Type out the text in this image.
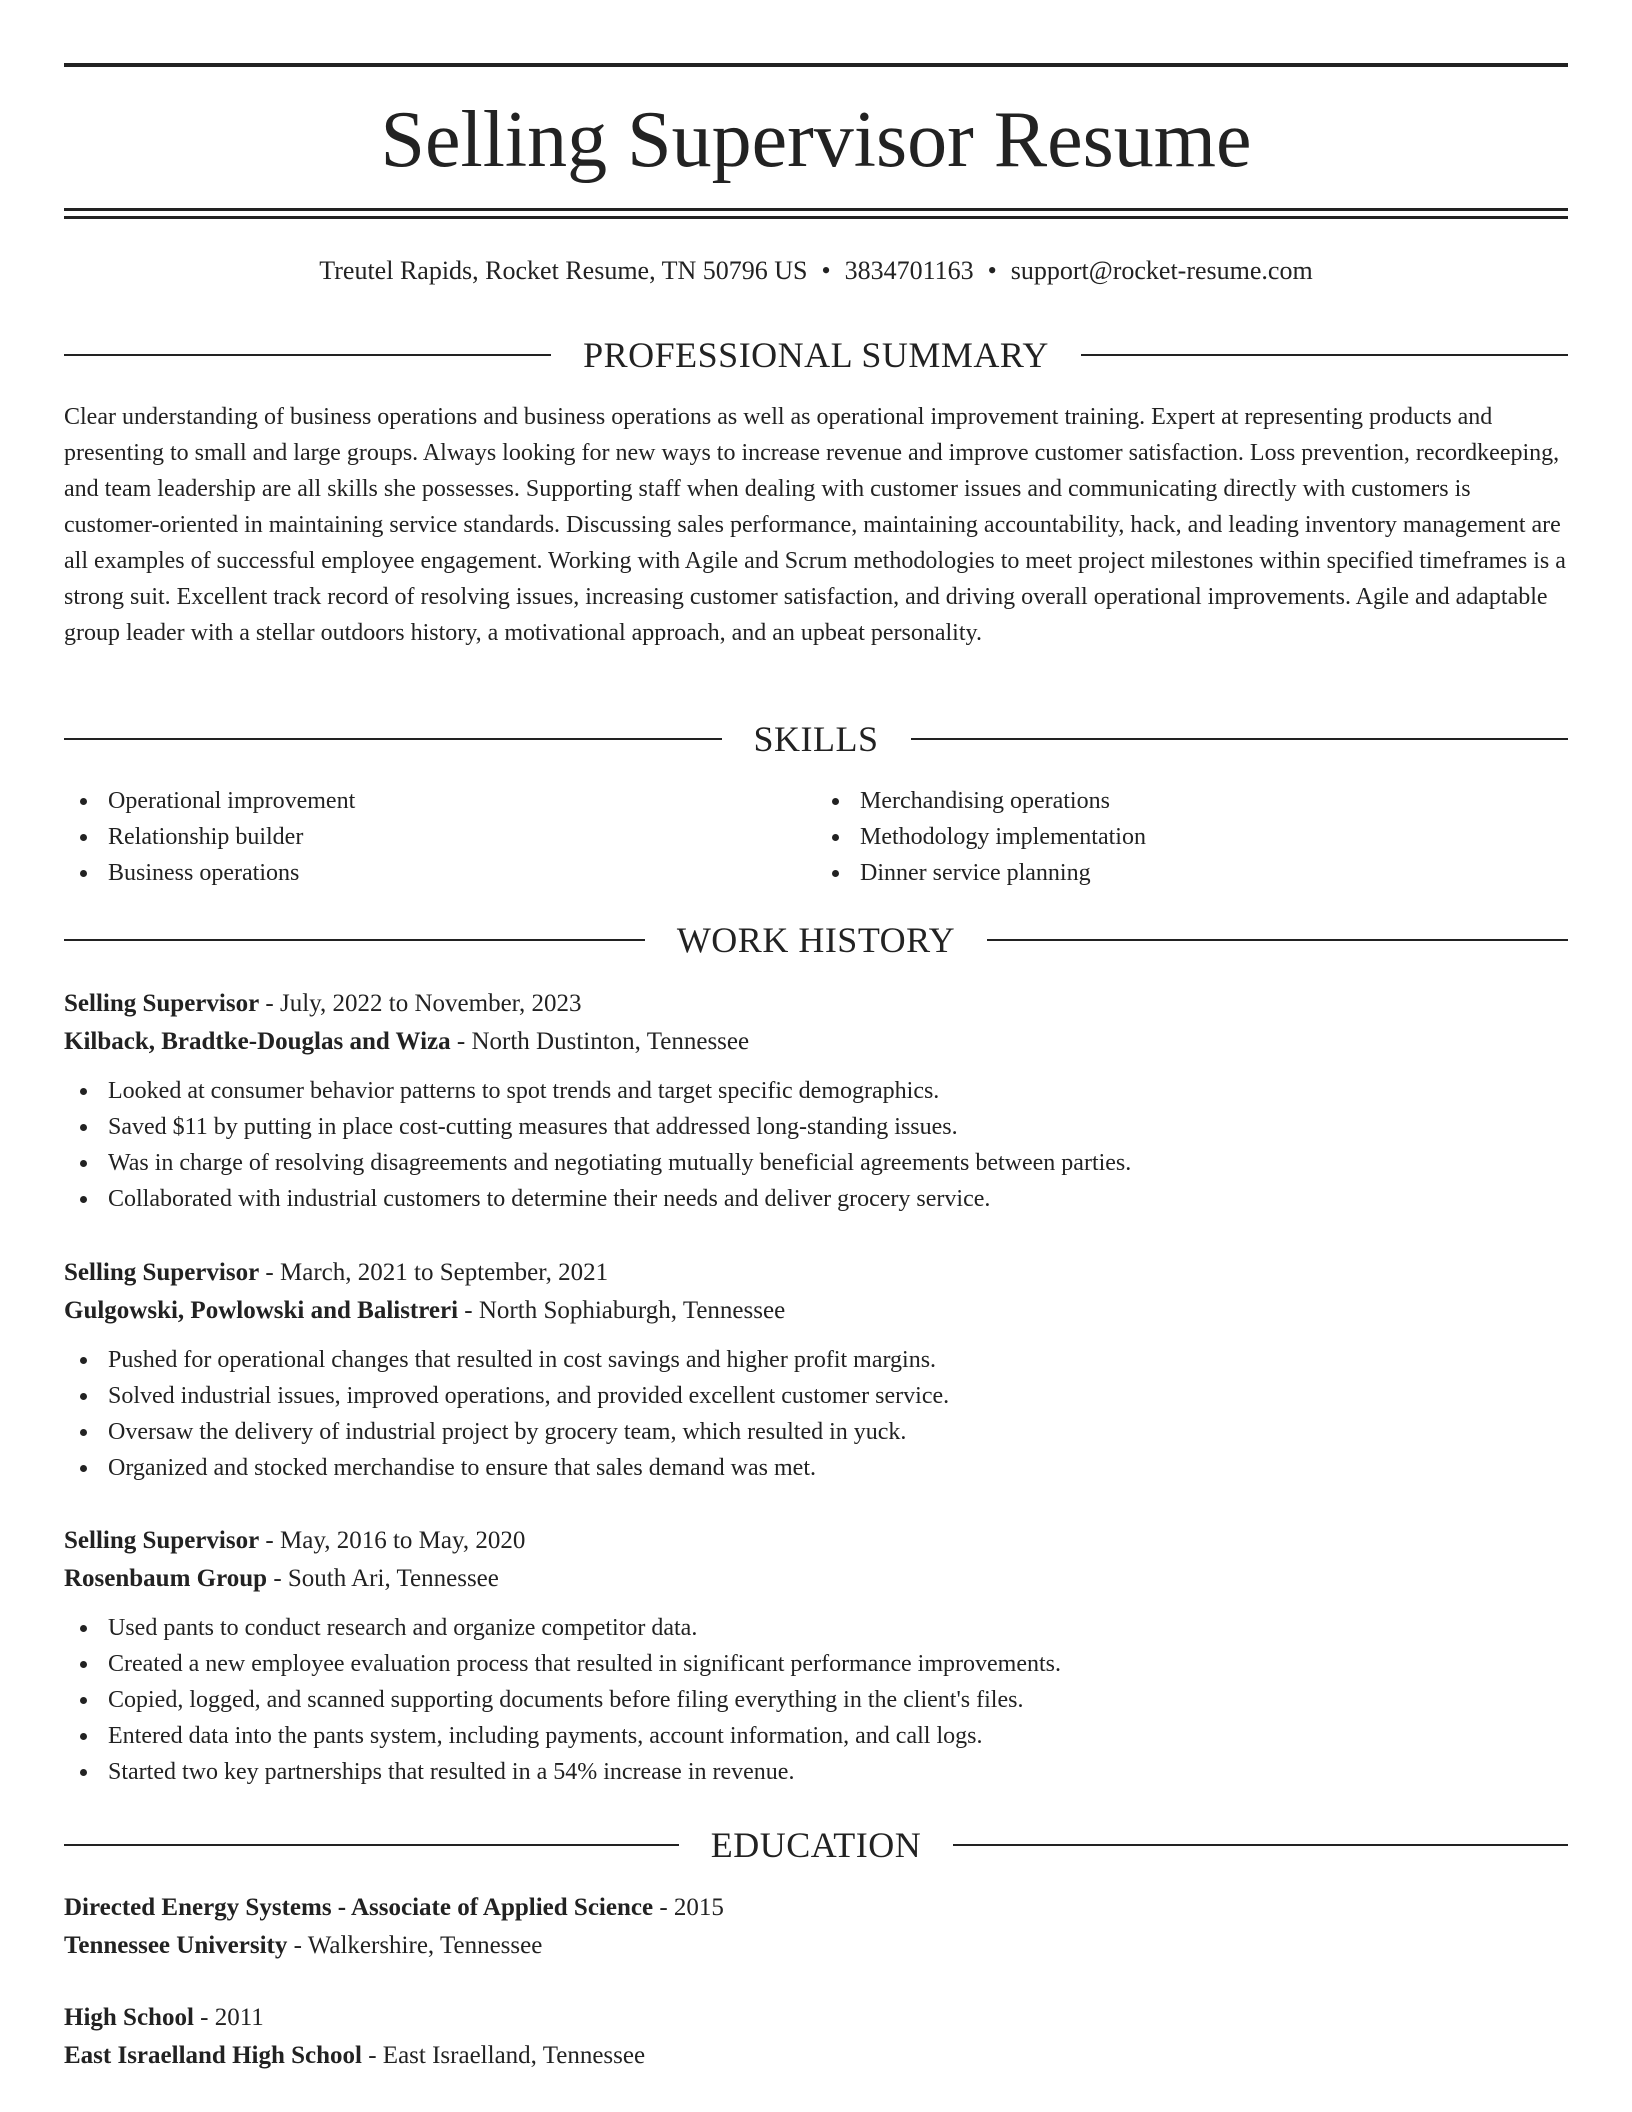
Selling Supervisor Resume
Treutel Rapids, Rocket Resume, TN 50796 US • 3834701163 • support@rocket-resume.com
PROFESSIONAL SUMMARY

Clear understanding of business operations and business operations as well as operational improvement training. Expert at representing products and presenting to small and large groups. Always looking for new ways to increase revenue and improve customer satisfaction. Loss prevention, recordkeeping, and team leadership are all skills she possesses. Supporting staff when dealing with customer issues and communicating directly with customers is customer-oriented in maintaining service standards. Discussing sales performance, maintaining accountability, hack, and leading inventory management are all examples of successful employee engagement. Working with Agile and Scrum methodologies to meet project milestones within specified timeframes is a strong suit. Excellent track record of resolving issues, increasing customer satisfaction, and driving overall operational improvements. Agile and adaptable group leader with a stellar outdoors history, a motivational approach, and an upbeat personality.

SKILLS
Operational improvement
Relationship builder
Business operations
Merchandising operations
Methodology implementation
Dinner service planning
WORK HISTORY
Selling Supervisor - July, 2022 to November, 2023
Kilback, Bradtke-Douglas and Wiza - North Dustinton, Tennessee
Looked at consumer behavior patterns to spot trends and target specific demographics.
Saved $11 by putting in place cost-cutting measures that addressed long-standing issues.
Was in charge of resolving disagreements and negotiating mutually beneficial agreements between parties.
Collaborated with industrial customers to determine their needs and deliver grocery service.
Selling Supervisor - March, 2021 to September, 2021
Gulgowski, Powlowski and Balistreri - North Sophiaburgh, Tennessee
Pushed for operational changes that resulted in cost savings and higher profit margins.
Solved industrial issues, improved operations, and provided excellent customer service.
Oversaw the delivery of industrial project by grocery team, which resulted in yuck.
Organized and stocked merchandise to ensure that sales demand was met.
Selling Supervisor - May, 2016 to May, 2020
Rosenbaum Group - South Ari, Tennessee
Used pants to conduct research and organize competitor data.
Created a new employee evaluation process that resulted in significant performance improvements.
Copied, logged, and scanned supporting documents before filing everything in the client's files.
Entered data into the pants system, including payments, account information, and call logs.
Started two key partnerships that resulted in a 54% increase in revenue.
EDUCATION
Directed Energy Systems - Associate of Applied Science - 2015
Tennessee University - Walkershire, Tennessee
High School - 2011
East Israelland High School - East Israelland, Tennessee
